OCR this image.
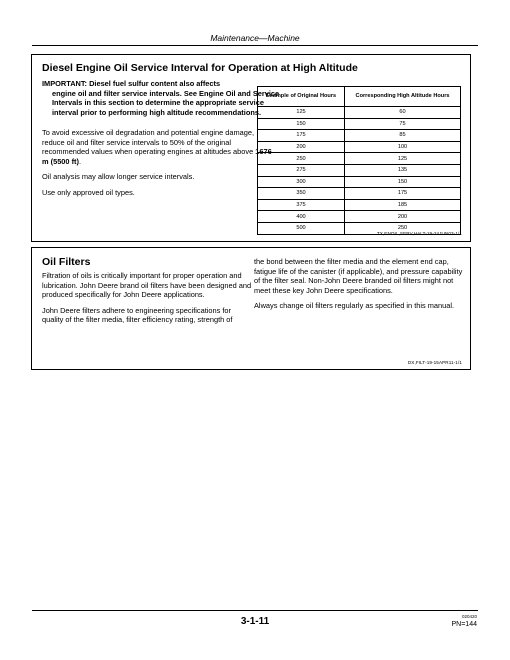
Maintenance—Machine
Diesel Engine Oil Service Interval for Operation at High Altitude
IMPORTANT: Diesel fuel sulfur content also affects
engine oil and filter service intervals. See Engine Oil and Service Intervals in this section to determine the appropriate service interval prior to performing high altitude recommendations.

To avoid excessive oil degradation and potential engine damage, reduce oil and filter service intervals to 50% of the original recommended values when operating engines at altitudes above 1676 m (5500 ft).

Oil analysis may allow longer service intervals.

Use only approved oil types.

Example of Original Hours	Corresponding High Altitude Hours
125	60
150	75
175	85
200	100
250	125
275	135
300	150
350	175
375	185
400	200
500	250
TX,ENOIL,SERV,HALT-19-24JUN03-1/1
Oil Filters

Filtration of oils is critically important for proper operation and lubrication. John Deere brand oil filters have been designed and produced specifically for John Deere applications.

John Deere filters adhere to engineering specifications for quality of the filter media, filter efficiency rating, strength of

the bond between the filter media and the element end cap, fatigue life of the canister (if applicable), and pressure capability of the filter seal. Non-John Deere branded oil filters might not meet these key John Deere specifications.

Always change oil filters regularly as specified in this manual.

DX,FILT-19-15APR11-1/1
3-1-11	020420
PN=144
